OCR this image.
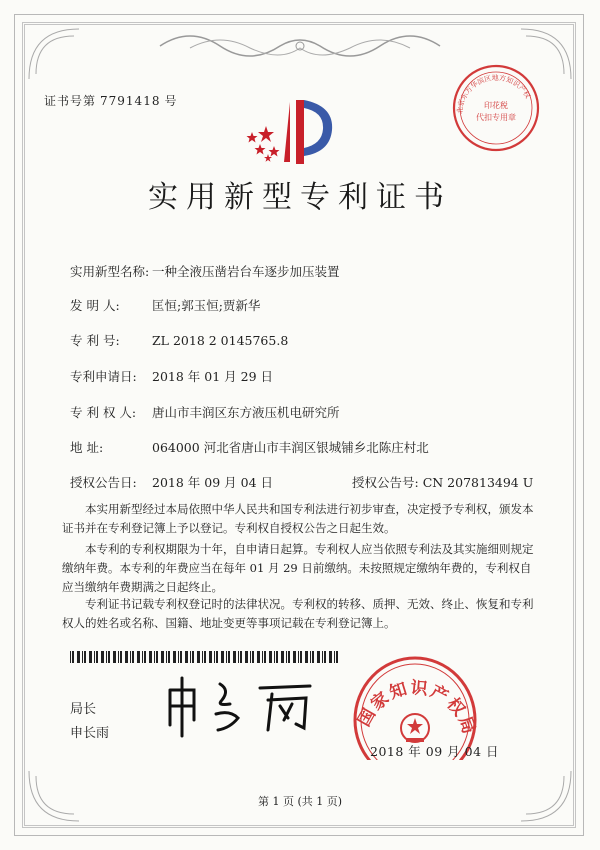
证书号第 7791418 号
北京东方华滨区地方知识产权
印花税
代扣专用章
实用新型专利证书
实用新型名称: 一种全液压凿岩台车逐步加压装置
发 明 人:	匡恒;郭玉恒;贾新华
专 利 号:	ZL 2018 2 0145765.8
专利申请日: 2018 年 01 月 29 日
专 利 权 人: 唐山市丰润区东方液压机电研究所
地 址:	064000 河北省唐山市丰润区银城铺乡北陈庄村北
授权公告日: 2018 年 09 月 04 日	授权公告号: CN 207813494 U
本实用新型经过本局依照中华人民共和国专利法进行初步审查，决定授予专利权，颁发本证书并在专利登记簿上予以登记。专利权自授权公告之日起生效。
本专利的专利权期限为十年，自申请日起算。专利权人应当依照专利法及其实施细则规定缴纳年费。本专利的年费应当在每年 01 月 29 日前缴纳。未按照规定缴纳年费的，专利权自应当缴纳年费期满之日起终止。
专利证书记载专利权登记时的法律状况。专利权的转移、质押、无效、终止、恢复和专利权人的姓名或名称、国籍、地址变更等事项记载在专利登记簿上。
局长
申长雨
国家知识产权局
2018 年 09 月 04 日
第 1 页 (共 1 页)
